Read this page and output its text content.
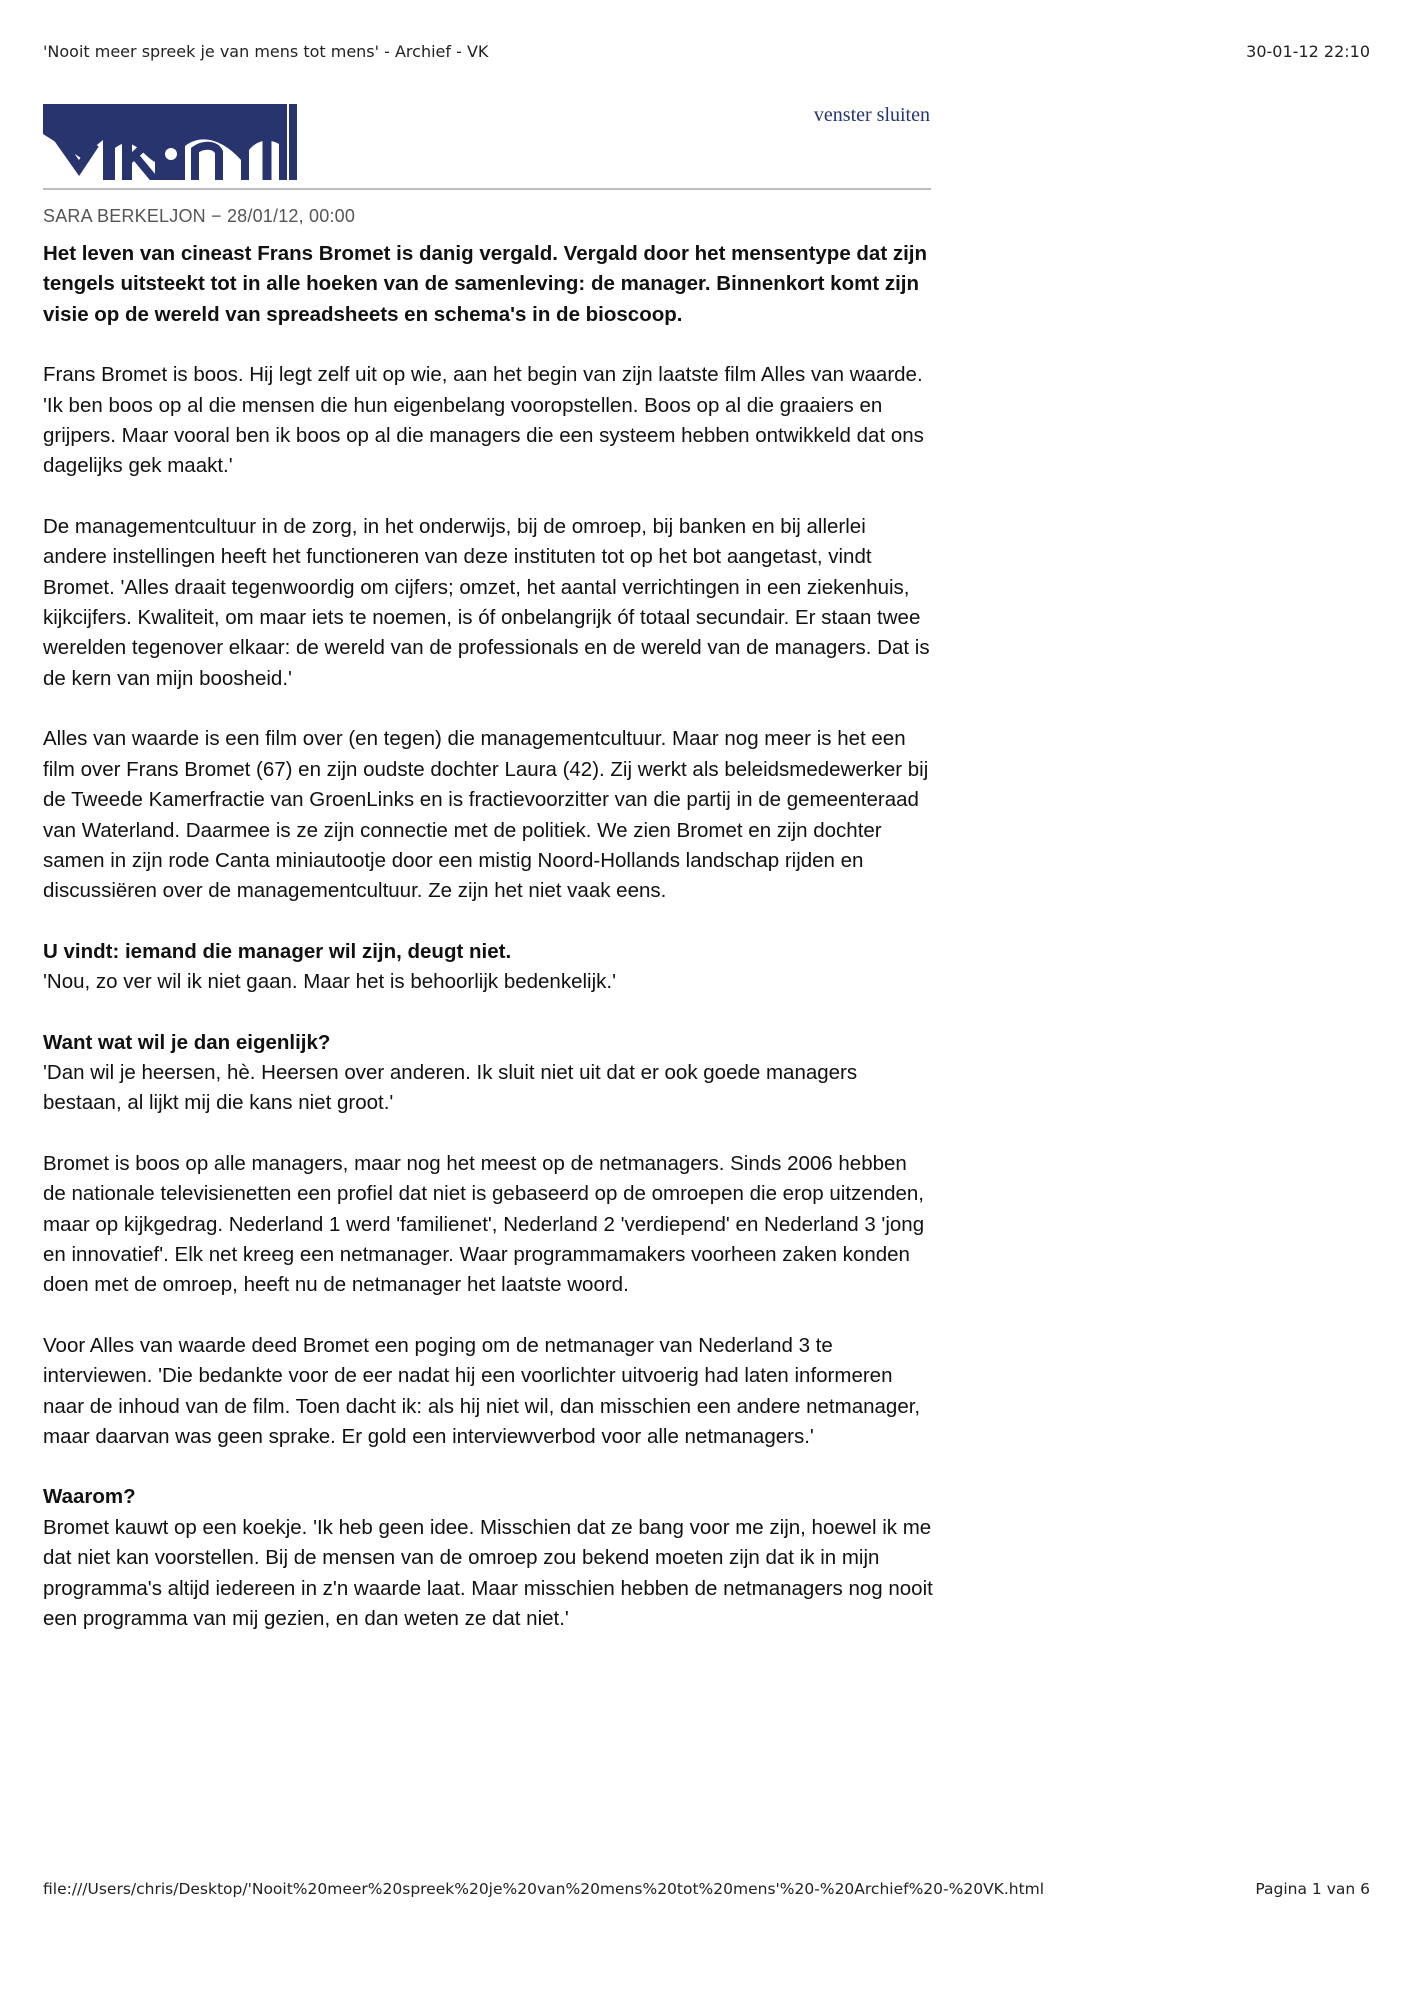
'Nooit meer spreek je van mens tot mens' - Archief - VK	30-01-12 22:10
venster sluiten

SARA BERKELJON − 28/01/12, 00:00

Het leven van cineast Frans Bromet is danig vergald. Vergald door het mensentype dat zijn tengels uitsteekt tot in alle hoeken van de samenleving: de manager. Binnenkort komt zijn visie op de wereld van spreadsheets en schema's in de bioscoop.

Frans Bromet is boos. Hij legt zelf uit op wie, aan het begin van zijn laatste film Alles van waarde. 'Ik ben boos op al die mensen die hun eigenbelang vooropstellen. Boos op al die graaiers en grijpers. Maar vooral ben ik boos op al die managers die een systeem hebben ontwikkeld dat ons dagelijks gek maakt.'

De managementcultuur in de zorg, in het onderwijs, bij de omroep, bij banken en bij allerlei andere instellingen heeft het functioneren van deze instituten tot op het bot aangetast, vindt Bromet. 'Alles draait tegenwoordig om cijfers; omzet, het aantal verrichtingen in een ziekenhuis, kijkcijfers. Kwaliteit, om maar iets te noemen, is óf onbelangrijk óf totaal secundair. Er staan twee werelden tegenover elkaar: de wereld van de professionals en de wereld van de managers. Dat is de kern van mijn boosheid.'

Alles van waarde is een film over (en tegen) die managementcultuur. Maar nog meer is het een film over Frans Bromet (67) en zijn oudste dochter Laura (42). Zij werkt als beleidsmedewerker bij de Tweede Kamerfractie van GroenLinks en is fractievoorzitter van die partij in de gemeenteraad van Waterland. Daarmee is ze zijn connectie met de politiek. We zien Bromet en zijn dochter samen in zijn rode Canta miniautootje door een mistig Noord-Hollands landschap rijden en discussiëren over de managementcultuur. Ze zijn het niet vaak eens.

U vindt: iemand die manager wil zijn, deugt niet.
'Nou, zo ver wil ik niet gaan. Maar het is behoorlijk bedenkelijk.'

Want wat wil je dan eigenlijk?
'Dan wil je heersen, hè. Heersen over anderen. Ik sluit niet uit dat er ook goede managers bestaan, al lijkt mij die kans niet groot.'

Bromet is boos op alle managers, maar nog het meest op de netmanagers. Sinds 2006 hebben de nationale televisienetten een profiel dat niet is gebaseerd op de omroepen die erop uitzenden, maar op kijkgedrag. Nederland 1 werd 'familienet', Nederland 2 'verdiepend' en Nederland 3 'jong en innovatief'. Elk net kreeg een netmanager. Waar programmamakers voorheen zaken konden doen met de omroep, heeft nu de netmanager het laatste woord.

Voor Alles van waarde deed Bromet een poging om de netmanager van Nederland 3 te interviewen. 'Die bedankte voor de eer nadat hij een voorlichter uitvoerig had laten informeren naar de inhoud van de film. Toen dacht ik: als hij niet wil, dan misschien een andere netmanager, maar daarvan was geen sprake. Er gold een interviewverbod voor alle netmanagers.'

Waarom?
Bromet kauwt op een koekje. 'Ik heb geen idee. Misschien dat ze bang voor me zijn, hoewel ik me dat niet kan voorstellen. Bij de mensen van de omroep zou bekend moeten zijn dat ik in mijn programma's altijd iedereen in z'n waarde laat. Maar misschien hebben de netmanagers nog nooit een programma van mij gezien, en dan weten ze dat niet.'

file:///Users/chris/Desktop/'Nooit%20meer%20spreek%20je%20van%20mens%20tot%20mens'%20-%20Archief%20-%20VK.html	Pagina 1 van 6
